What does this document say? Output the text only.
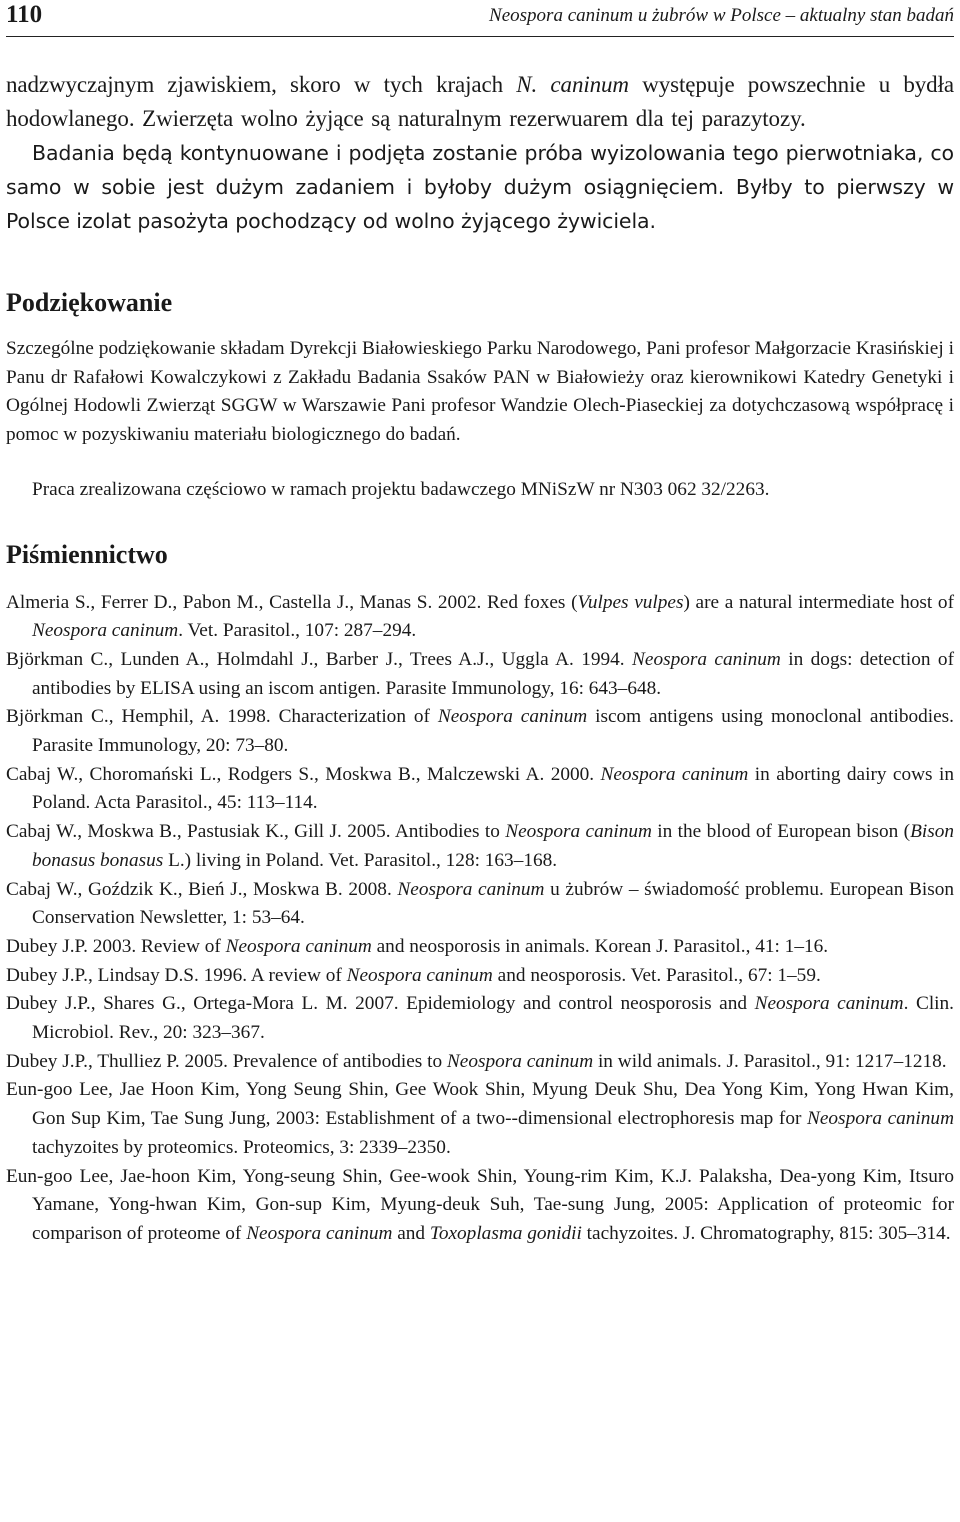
110	Neospora caninum u żubrów w Polsce – aktualny stan badań

nadzwyczajnym zjawiskiem, skoro w tych krajach N. caninum występuje powszechnie u bydła hodowlanego. Zwierzęta wolno żyjące są naturalnym rezerwuarem dla tej parazytozy.
Badania będą kontynuowane i podjęta zostanie próba wyizolowania tego pierwotniaka, co samo w sobie jest dużym zadaniem i byłoby dużym osiągnięciem. Byłby to pierwszy w Polsce izolat pasożyta pochodzący od wolno żyjącego żywiciela.

Podziękowanie

Szczególne podziękowanie składam Dyrekcji Białowieskiego Parku Narodowego, Pani profesor Małgorzacie Krasińskiej i Panu dr Rafałowi Kowalczykowi z Zakładu Badania Ssaków PAN w Białowieży oraz kierownikowi Katedry Genetyki i Ogólnej Hodowli Zwierząt SGGW w Warszawie Pani profesor Wandzie Olech-Piaseckiej za dotychczasową współpracę i pomoc w pozyskiwaniu materiału biologicznego do badań.

Praca zrealizowana częściowo w ramach projektu badawczego MNiSzW nr N303 062 32/2263.

Piśmiennictwo
Almeria S., Ferrer D., Pabon M., Castella J., Manas S. 2002. Red foxes (Vulpes vulpes) are a natural intermediate host of Neospora caninum. Vet. Parasitol., 107: 287–294.
Björkman C., Lunden A., Holmdahl J., Barber J., Trees A.J., Uggla A. 1994. Neospora caninum in dogs: detection of antibodies by ELISA using an iscom antigen. Parasite Immunology, 16: 643–648.
Björkman C., Hemphil, A. 1998. Characterization of Neospora caninum iscom antigens using monoclonal antibodies. Parasite Immunology, 20: 73–80.
Cabaj W., Choromański L., Rodgers S., Moskwa B., Malczewski A. 2000. Neospora caninum in aborting dairy cows in Poland. Acta Parasitol., 45: 113–114.
Cabaj W., Moskwa B., Pastusiak K., Gill J. 2005. Antibodies to Neospora caninum in the blood of European bison (Bison bonasus bonasus L.) living in Poland. Vet. Parasitol., 128: 163–168.
Cabaj W., Goździk K., Bień J., Moskwa B. 2008. Neospora caninum u żubrów – świadomość problemu. European Bison Conservation Newsletter, 1: 53–64.
Dubey J.P. 2003. Review of Neospora caninum and neosporosis in animals. Korean J. Parasitol., 41: 1–16.
Dubey J.P., Lindsay D.S. 1996. A review of Neospora caninum and neosporosis. Vet. Parasitol., 67: 1–59.
Dubey J.P., Shares G., Ortega-Mora L. M. 2007. Epidemiology and control neosporosis and Neospora caninum. Clin. Microbiol. Rev., 20: 323–367.
Dubey J.P., Thulliez P. 2005. Prevalence of antibodies to Neospora caninum in wild animals. J. Parasitol., 91: 1217–1218.
Eun-goo Lee, Jae Hoon Kim, Yong Seung Shin, Gee Wook Shin, Myung Deuk Shu, Dea Yong Kim, Yong Hwan Kim, Gon Sup Kim, Tae Sung Jung, 2003: Establishment of a two--dimensional electrophoresis map for Neospora caninum tachyzoites by proteomics. Proteomics, 3: 2339–2350.
Eun-goo Lee, Jae-hoon Kim, Yong-seung Shin, Gee-wook Shin, Young-rim Kim, K.J. Palaksha, Dea-yong Kim, Itsuro Yamane, Yong-hwan Kim, Gon-sup Kim, Myung-deuk Suh, Tae-sung Jung, 2005: Application of proteomic for comparison of proteome of Neospora caninum and Toxoplasma gonidii tachyzoites. J. Chromatography, 815: 305–314.
